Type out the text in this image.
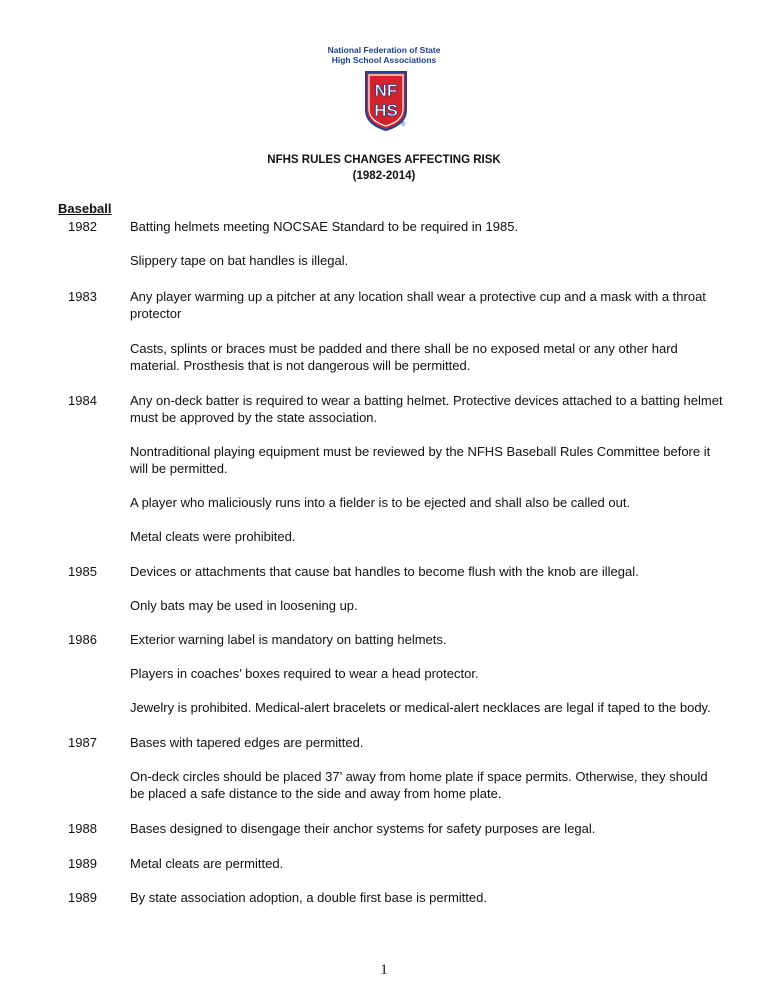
National Federation of State
High School Associations
NF
HS
®
NFHS RULES CHANGES AFFECTING RISK
(1982-2014)
Baseball
1982	Batting helmets meeting NOCSAE Standard to be required in 1985.
Slippery tape on bat handles is illegal.
1983	Any player warming up a pitcher at any location shall wear a protective cup and a mask with a throat protector
Casts, splints or braces must be padded and there shall be no exposed metal or any other hard material. Prosthesis that is not dangerous will be permitted.
1984	Any on-deck batter is required to wear a batting helmet. Protective devices attached to a batting helmet must be approved by the state association.
Nontraditional playing equipment must be reviewed by the NFHS Baseball Rules Committee before it will be permitted.
A player who maliciously runs into a fielder is to be ejected and shall also be called out.
Metal cleats were prohibited.
1985	Devices or attachments that cause bat handles to become flush with the knob are illegal.
Only bats may be used in loosening up.
1986	Exterior warning label is mandatory on batting helmets.
Players in coaches’ boxes required to wear a head protector.
Jewelry is prohibited. Medical-alert bracelets or medical-alert necklaces are legal if taped to the body.
1987	Bases with tapered edges are permitted.
On-deck circles should be placed 37’ away from home plate if space permits. Otherwise, they should be placed a safe distance to the side and away from home plate.
1988	Bases designed to disengage their anchor systems for safety purposes are legal.
1989	Metal cleats are permitted.
1989	By state association adoption, a double first base is permitted.
1
